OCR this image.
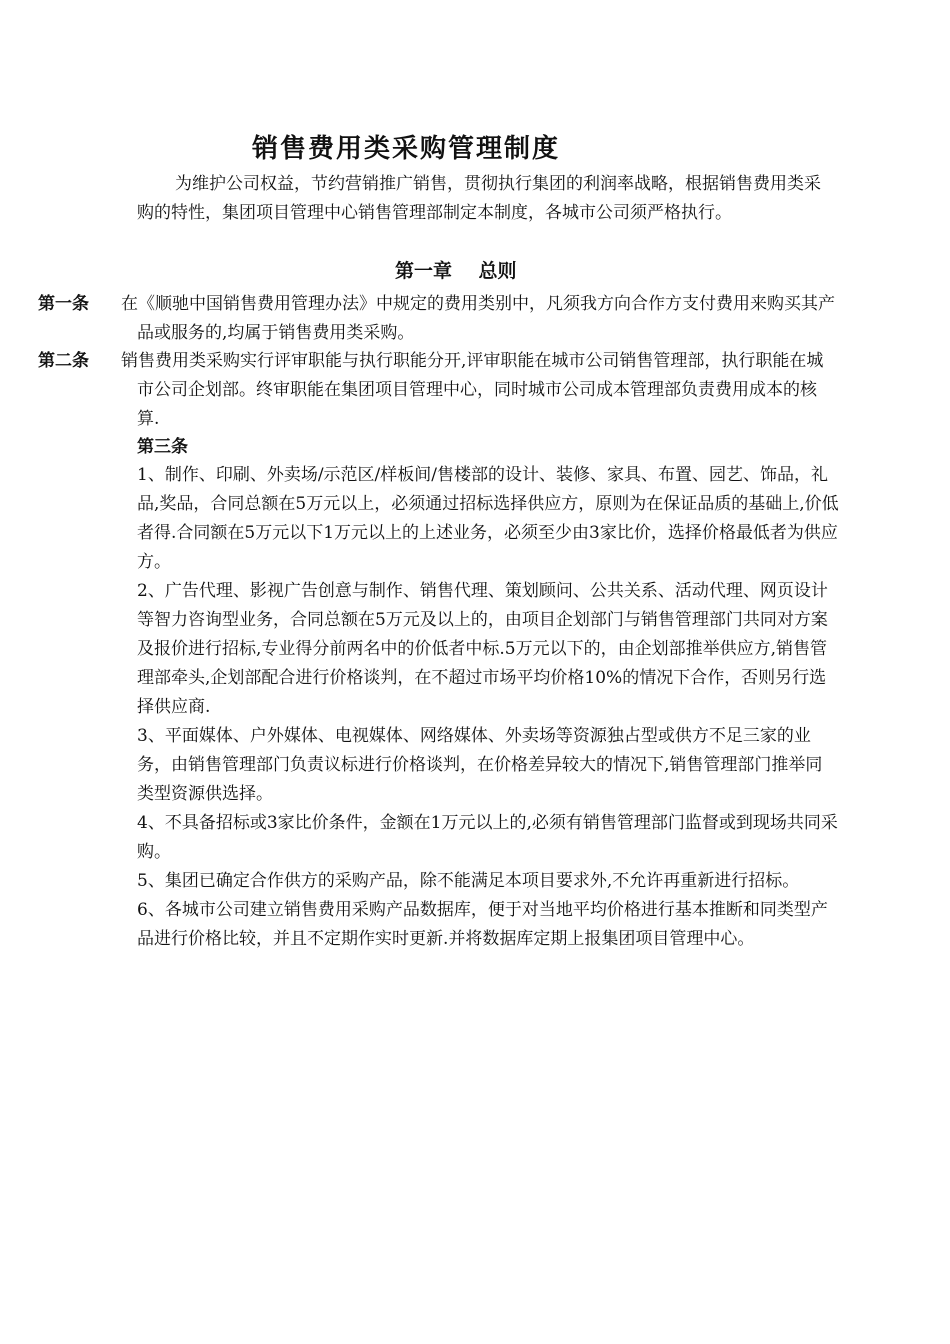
销售费用类采购管理制度
为维护公司权益，节约营销推广销售，贯彻执行集团的利润率战略，根据销售费用类采购的特性，集团项目管理中心销售管理部制定本制度，各城市公司须严格执行。
第一章    总则
第一条 在《顺驰中国销售费用管理办法》中规定的费用类别中，凡须我方向合作方支付费用来购买其产品或服务的,均属于销售费用类采购。
第二条 销售费用类采购实行评审职能与执行职能分开,评审职能在城市公司销售管理部，执行职能在城市公司企划部。终审职能在集团项目管理中心，同时城市公司成本管理部负责费用成本的核算.
第三条

1、制作、印刷、外卖场/示范区/样板间/售楼部的设计、装修、家具、布置、园艺、饰品，礼品,奖品，合同总额在5万元以上，必须通过招标选择供应方，原则为在保证品质的基础上,价低者得.合同额在5万元以下1万元以上的上述业务，必须至少由3家比价，选择价格最低者为供应方。

2、广告代理、影视广告创意与制作、销售代理、策划顾问、公共关系、活动代理、网页设计等智力咨询型业务，合同总额在5万元及以上的，由项目企划部门与销售管理部门共同对方案及报价进行招标,专业得分前两名中的价低者中标.5万元以下的，由企划部推举供应方,销售管理部牵头,企划部配合进行价格谈判，在不超过市场平均价格10%的情况下合作，否则另行选择供应商.

3、平面媒体、户外媒体、电视媒体、网络媒体、外卖场等资源独占型或供方不足三家的业务，由销售管理部门负责议标进行价格谈判，在价格差异较大的情况下,销售管理部门推举同类型资源供选择。

4、不具备招标或3家比价条件，金额在1万元以上的,必须有销售管理部门监督或到现场共同采购。

5、集团已确定合作供方的采购产品，除不能满足本项目要求外,不允许再重新进行招标。

6、各城市公司建立销售费用采购产品数据库，便于对当地平均价格进行基本推断和同类型产品进行价格比较，并且不定期作实时更新.并将数据库定期上报集团项目管理中心。
